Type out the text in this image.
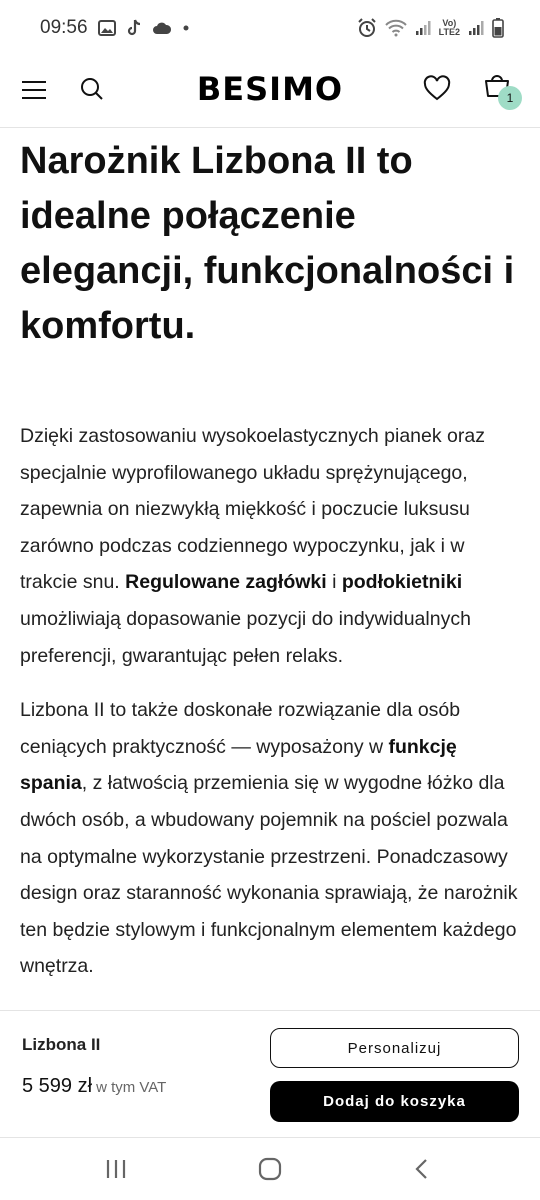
09:56	Vo)
LTE2
BESIMO	1
Narożnik Lizbona II to idealne połączenie elegancji, funkcjonalności i komfortu.

Dzięki zastosowaniu wysokoelastycznych pianek oraz specjalnie wyprofilowanego układu sprężynującego, zapewnia on niezwykłą miękkość i poczucie luksusu zarówno podczas codziennego wypoczynku, jak i w trakcie snu. Regulowane zagłówki i podłokietniki umożliwiają dopasowanie pozycji do indywidualnych preferencji, gwarantując pełen relaks.

Lizbona II to także doskonałe rozwiązanie dla osób ceniących praktyczność — wyposażony w funkcję spania, z łatwością przemienia się w wygodne łóżko dla dwóch osób, a wbudowany pojemnik na pościel pozwala na optymalne wykorzystanie przestrzeni. Ponadczasowy design oraz staranność wykonania sprawiają, że narożnik ten będzie stylowym i funkcjonalnym elementem każdego wnętrza.

Lizbona II
5 599 zł w tym VAT
Personalizuj
Dodaj do koszyka
